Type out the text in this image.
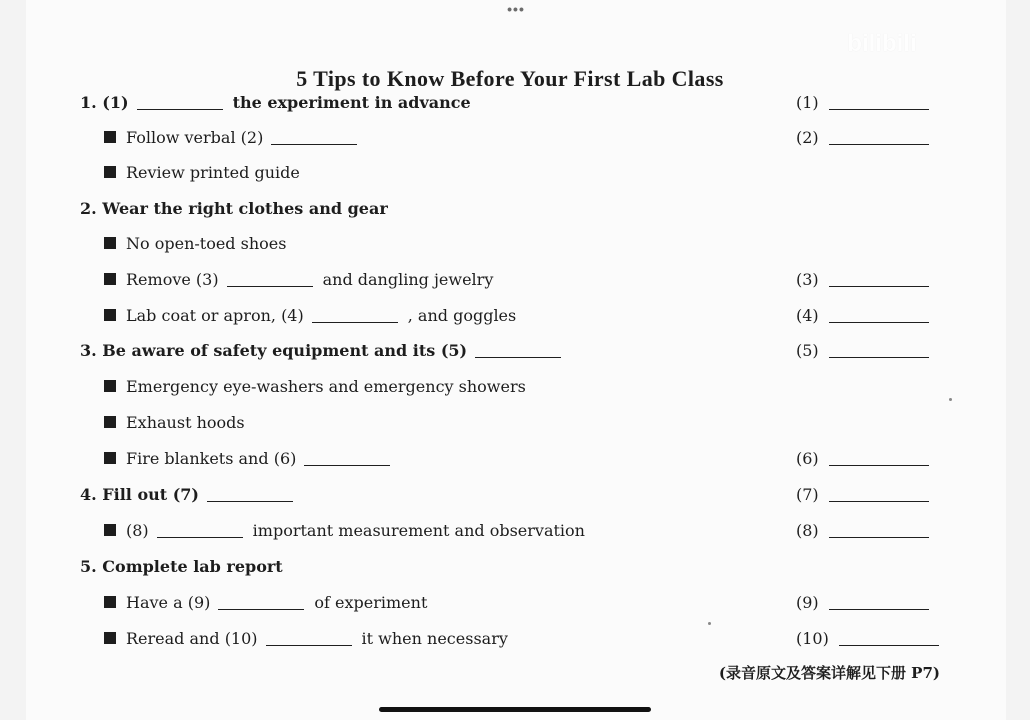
•••
bilibili
5 Tips to Know Before Your First Lab Class
1. (1)	the experiment in advance	(1)
Follow verbal (2)	(2)
Review printed guide
2. Wear the right clothes and gear
No open-toed shoes
Remove (3)	and dangling jewelry	(3)
Lab coat or apron, (4)	, and goggles	(4)
3. Be aware of safety equipment and its (5)	(5)
Emergency eye-washers and emergency showers
Exhaust hoods
Fire blankets and (6)	(6)
4. Fill out (7)	(7)
(8)	important measurement and observation	(8)
5. Complete lab report
Have a (9)	of experiment	(9)
Reread and (10)	it when necessary	(10)
(录音原文及答案详解见下册 P7)
